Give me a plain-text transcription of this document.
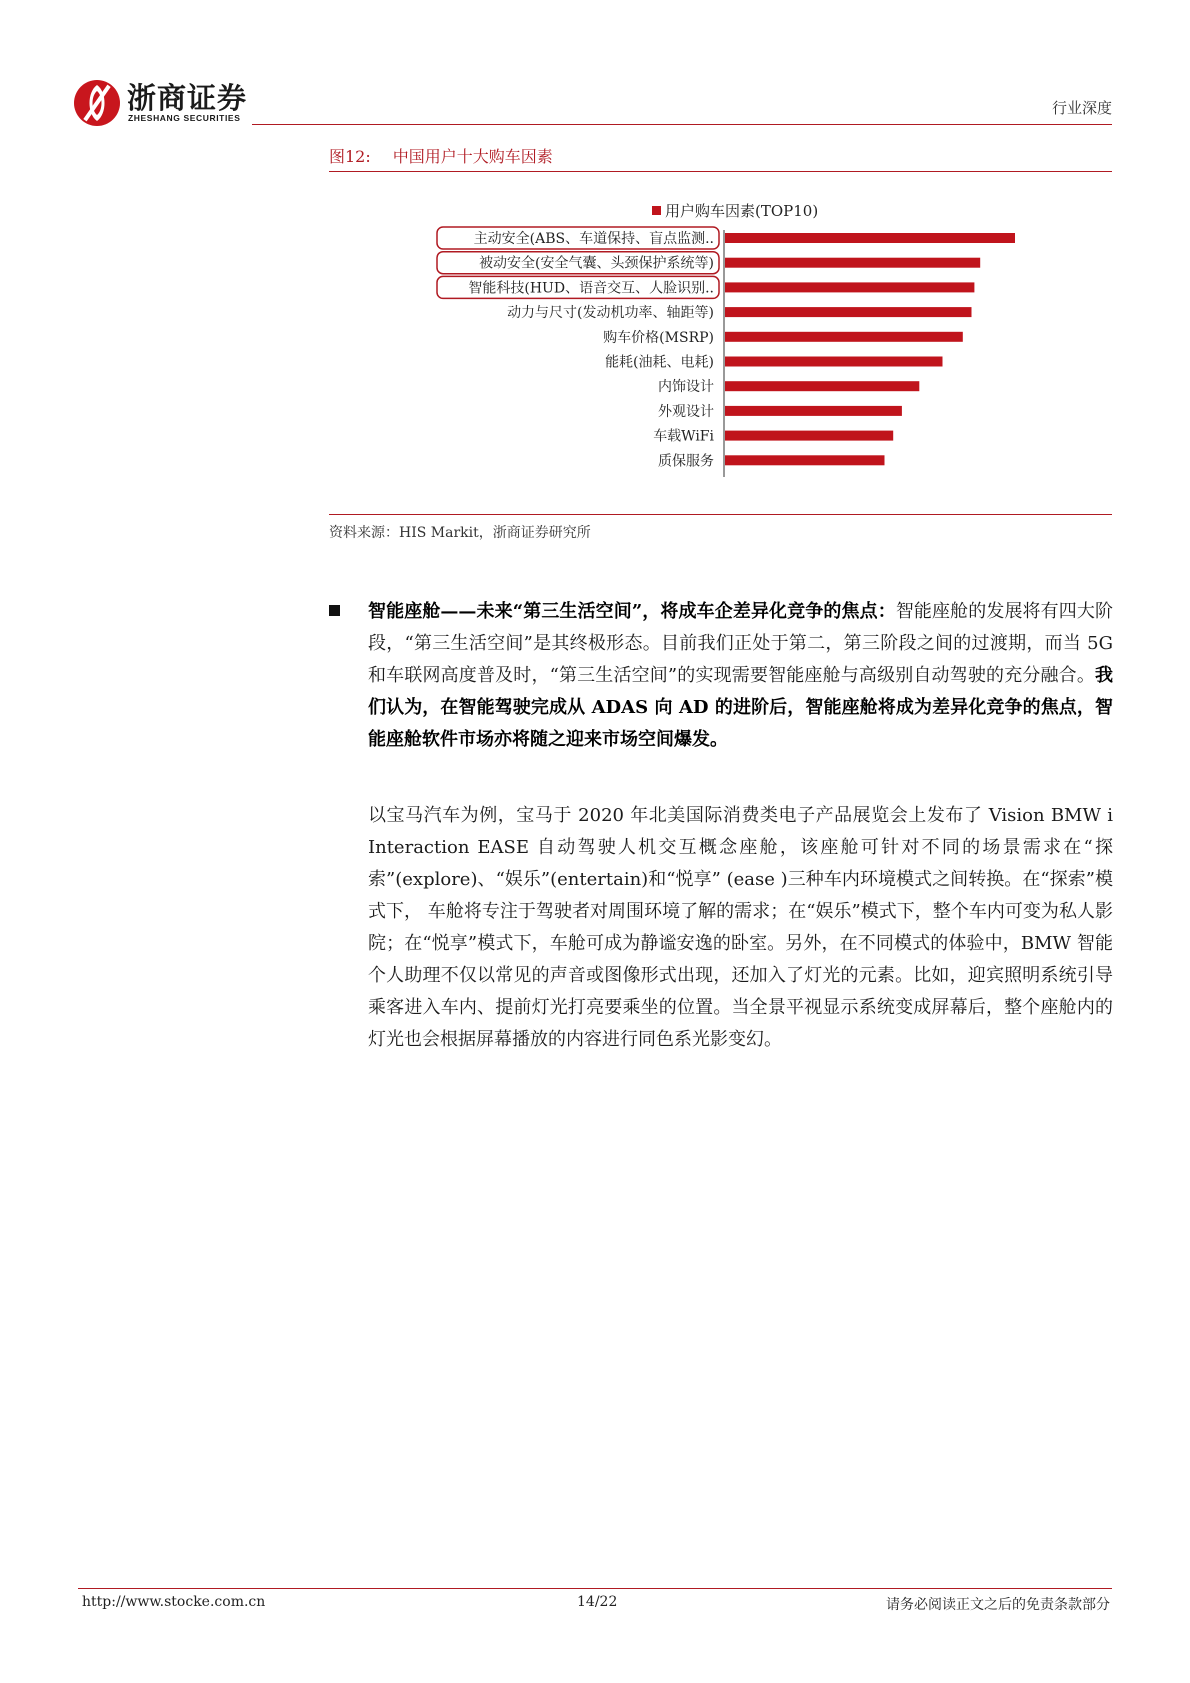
浙商证券
ZHESHANG SECURITIES
行业深度
图12: 中国用户十大购车因素
用户购车因素(TOP10)
主动安全(ABS、车道保持、盲点监测..
被动安全(安全气囊、头颈保护系统等)
智能科技(HUD、语音交互、人脸识别..
动力与尺寸(发动机功率、轴距等)
购车价格(MSRP)
能耗(油耗、电耗)
内饰设计
外观设计
车载WiFi
质保服务
资料来源：HIS Markit，浙商证券研究所
智能座舱——未来“第三生活空间”，将成车企差异化竞争的焦点：智能座舱的发展将有四大阶段，“第三生活空间”是其终极形态。目前我们正处于第二，第三阶段之间的过渡期，而当 5G 和车联网高度普及时，“第三生活空间”的实现需要智能座舱与高级别自动驾驶的充分融合。我们认为，在智能驾驶完成从 ADAS 向 AD 的进阶后，智能座舱将成为差异化竞争的焦点，智能座舱软件市场亦将随之迎来市场空间爆发。
以宝马汽车为例，宝马于 2020 年北美国际消费类电子产品展览会上发布了 Vision BMW i Interaction EASE 自动驾驶人机交互概念座舱，该座舱可针对不同的场景需求在“探索”(explore)、“娱乐”(entertain)和“悦享” (ease )三种车内环境模式之间转换。在“探索”模式下， 车舱将专注于驾驶者对周围环境了解的需求；在“娱乐”模式下，整个车内可变为私人影院；在“悦享”模式下，车舱可成为静谧安逸的卧室。另外，在不同模式的体验中，BMW 智能个人助理不仅以常见的声音或图像形式出现，还加入了灯光的元素。比如，迎宾照明系统引导乘客进入车内、提前灯光打亮要乘坐的位置。当全景平视显示系统变成屏幕后，整个座舱内的灯光也会根据屏幕播放的内容进行同色系光影变幻。
http://www.stocke.com.cn	14/22	请务必阅读正文之后的免责条款部分
